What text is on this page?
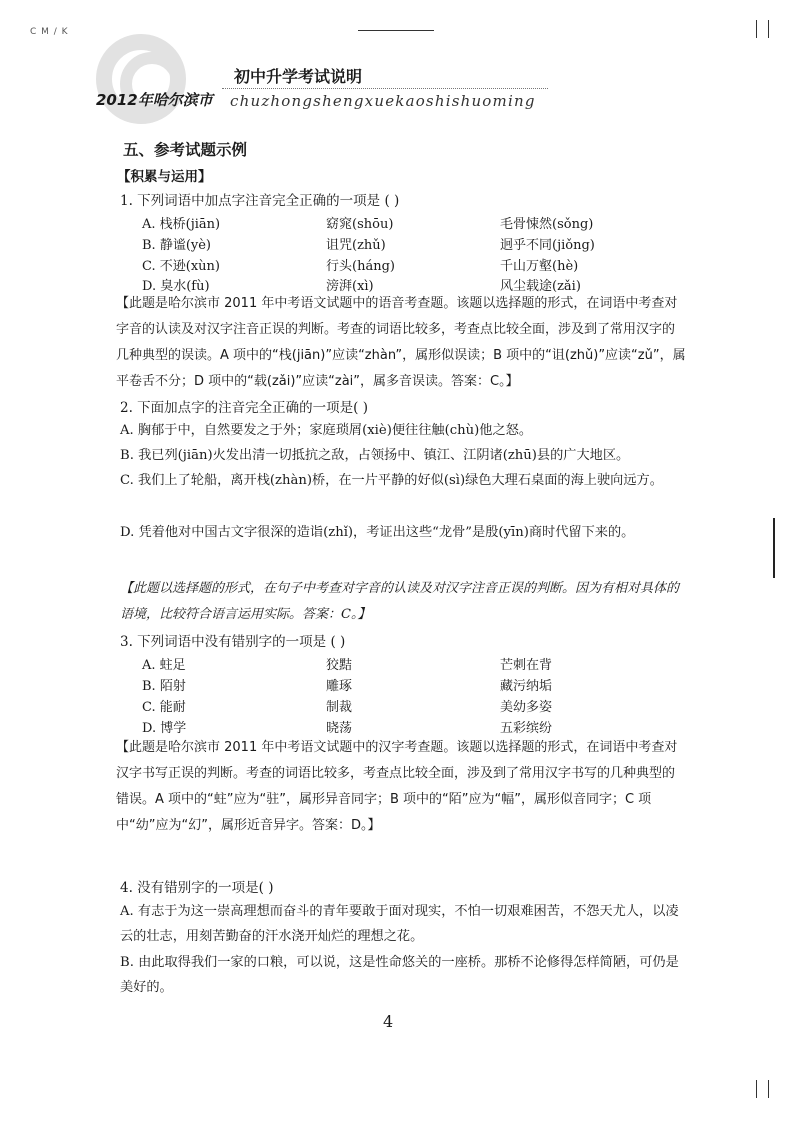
C M / K
初中升学考试说明
2012年哈尔滨市 chuzhongshengxuekaoshishuoming
五、参考试题示例
【积累与运用】
1. 下列词语中加点字注音完全正确的一项是 ( )
A. 栈桥(jiān)	窈窕(shōu)	毛骨悚然(sǒng)
B. 静谧(yè)	诅咒(zhǔ)	迥乎不同(jiǒng)
C. 不逊(xùn)	行头(háng)	千山万壑(hè)
D. 臭水(fù)	滂湃(xì)	风尘载途(zǎi)
【此题是哈尔滨市 2011 年中考语文试题中的语音考查题。该题以选择题的形式，在词语中考查对字音的认读及对汉字注音正误的判断。考查的词语比较多，考查点比较全面，涉及到了常用汉字的几种典型的误读。A 项中的“栈(jiān)”应读“zhàn”，属形似误读；B 项中的“诅(zhǔ)”应读“zǔ”，属平卷舌不分；D 项中的“载(zǎi)”应读“zài”，属多音误读。答案：C。】
2. 下面加点字的注音完全正确的一项是( )
A. 胸郁于中，自然要发之于外；家庭琐屑(xiè)便往往触(chù)他之怒。
B. 我已列(jiān)火发出清一切抵抗之敌，占领扬中、镇江、江阴诸(zhū)县的广大地区。
C. 我们上了轮船，离开栈(zhàn)桥，在一片平静的好似(sì)绿色大理石桌面的海上驶向远方。
D. 凭着他对中国古文字很深的造诣(zhǐ)，考证出这些“龙骨”是殷(yīn)商时代留下来的。
【此题以选择题的形式，在句子中考查对字音的认读及对汉字注音正误的判断。因为有相对具体的语境，比较符合语言运用实际。答案：C。】
3. 下列词语中没有错别字的一项是 ( )
A. 蛀足	狡黠	芒刺在背
B. 陌射	雕琢	藏污纳垢
C. 能耐	制裁	美幼多姿
D. 博学	晓荡	五彩缤纷
【此题是哈尔滨市 2011 年中考语文试题中的汉字考查题。该题以选择题的形式，在词语中考查对汉字书写正误的判断。考查的词语比较多，考查点比较全面，涉及到了常用汉字书写的几种典型的错误。A 项中的“蛀”应为“驻”，属形异音同字；B 项中的“陌”应为“幅”，属形似音同字；C 项中“幼”应为“幻”，属形近音异字。答案：D。】
4. 没有错别字的一项是( )
A. 有志于为这一崇高理想而奋斗的青年要敢于面对现实，不怕一切艰难困苦，不怨天尤人，以凌云的壮志，用刻苦勤奋的汗水浇开灿烂的理想之花。
B. 由此取得我们一家的口粮，可以说，这是性命悠关的一座桥。那桥不论修得怎样简陋，可仍是美好的。
4
